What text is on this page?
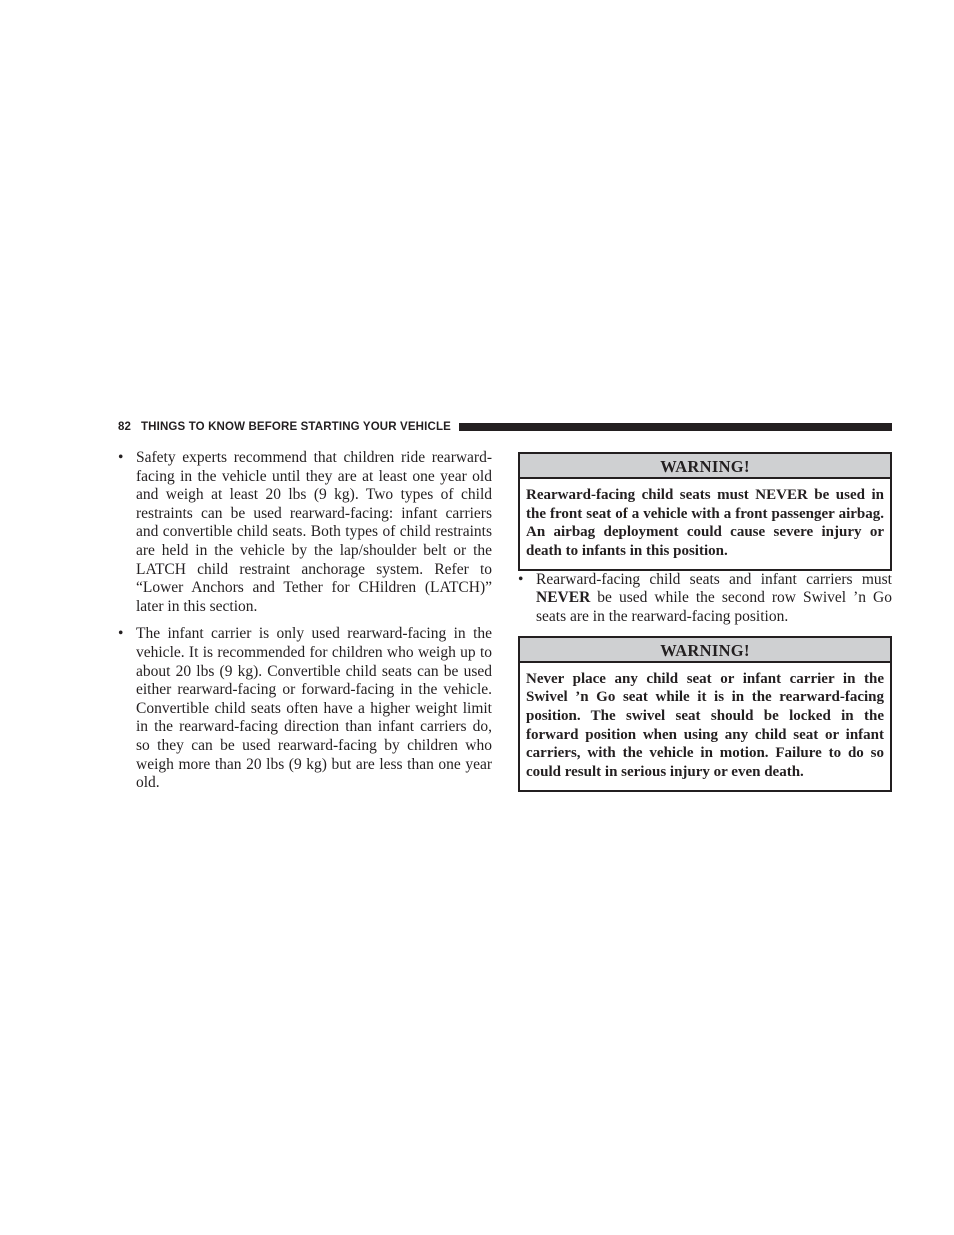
82 THINGS TO KNOW BEFORE STARTING YOUR VEHICLE
• Safety experts recommend that children ride rearward-facing in the vehicle until they are at least one year old and weigh at least 20 lbs (9 kg). Two types of child restraints can be used rearward-facing: infant carriers and convertible child seats. Both types of child restraints are held in the vehicle by the lap/shoulder belt or the LATCH child restraint anchorage system. Refer to “Lower Anchors and Tether for CHildren (LATCH)” later in this section.
• The infant carrier is only used rearward-facing in the vehicle. It is recommended for children who weigh up to about 20 lbs (9 kg). Convertible child seats can be used either rearward-facing or forward-facing in the vehicle. Convertible child seats often have a higher weight limit in the rearward-facing direction than infant carriers do, so they can be used rearward-facing by children who weigh more than 20 lbs (9 kg) but are less than one year old.
WARNING!
Rearward-facing child seats must NEVER be used in the front seat of a vehicle with a front passenger airbag. An airbag deployment could cause severe injury or death to infants in this position.
• Rearward-facing child seats and infant carriers must NEVER be used while the second row Swivel ’n Go seats are in the rearward-facing position.
WARNING!
Never place any child seat or infant carrier in the Swivel ’n Go seat while it is in the rearward-facing position. The swivel seat should be locked in the forward position when using any child seat or infant carriers, with the vehicle in motion. Failure to do so could result in serious injury or even death.
